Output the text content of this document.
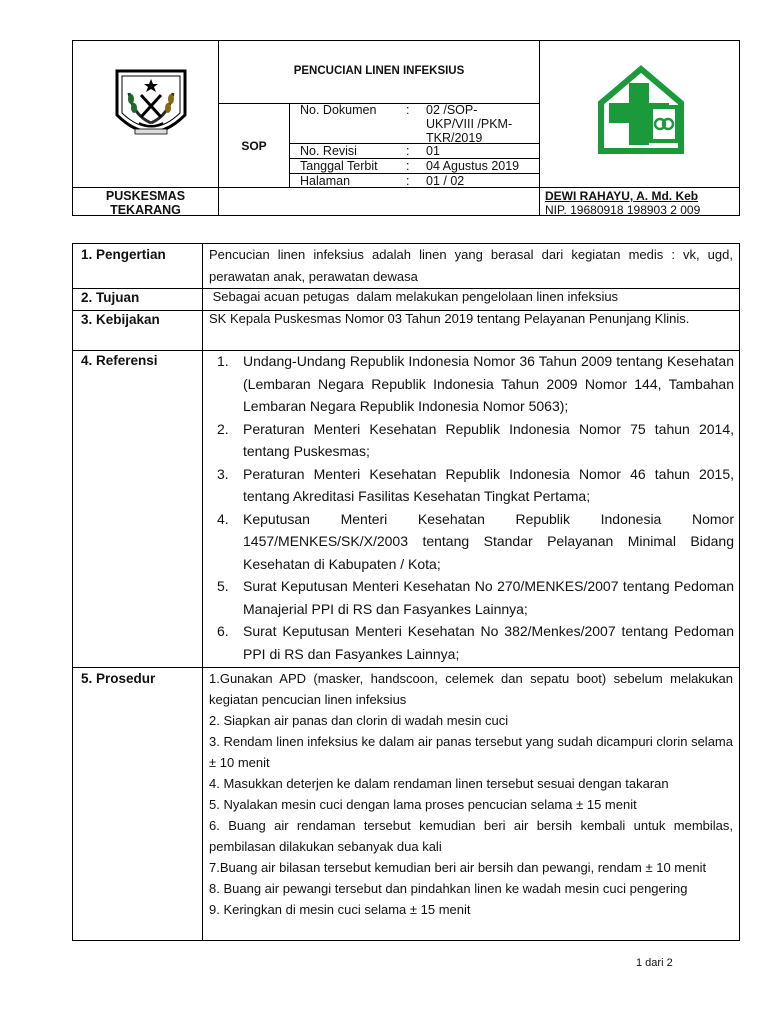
PENCUCIAN LINEN INFEKSIUS
SOP
No. Dokumen : 02 /SOP-
UKP/VIII /PKM-
TKR/2019
No. Revisi	: 01
Tanggal Terbit : 04 Agustus 2019
Halaman	: 01 / 02
PUSKESMAS
TEKARANG
DEWI RAHAYU, A. Md. Keb
NIP. 19680918 198903 2 009
1. Pengertian	Pencucian linen infeksius adalah linen yang berasal dari kegiatan medis : vk, ugd, perawatan anak, perawatan dewasa
2. Tujuan	Sebagai acuan petugas  dalam melakukan pengelolaan linen infeksius
3. Kebijakan	SK Kepala Puskesmas Nomor 03 Tahun 2019 tentang Pelayanan Penunjang Klinis.
4. Referensi	1. Undang-Undang Republik Indonesia Nomor 36 Tahun 2009 tentang Kesehatan (Lembaran Negara Republik Indonesia Tahun 2009 Nomor 144, Tambahan Lembaran Negara Republik Indonesia Nomor 5063);
2. Peraturan Menteri Kesehatan Republik Indonesia Nomor 75 tahun 2014, tentang Puskesmas;
3. Peraturan Menteri Kesehatan Republik Indonesia Nomor 46 tahun 2015, tentang Akreditasi Fasilitas Kesehatan Tingkat Pertama;
4. Keputusan Menteri Kesehatan Republik Indonesia Nomor 1457/MENKES/SK/X/2003 tentang Standar Pelayanan Minimal Bidang Kesehatan di Kabupaten / Kota;
5. Surat Keputusan Menteri Kesehatan No 270/MENKES/2007 tentang Pedoman Manajerial PPI di RS dan Fasyankes Lainnya;
6. Surat Keputusan Menteri Kesehatan No 382/Menkes/2007 tentang Pedoman PPI di RS dan Fasyankes Lainnya;
5. Prosedur	1.Gunakan APD (masker, handscoon, celemek dan sepatu boot) sebelum melakukan kegiatan pencucian linen infeksius
2. Siapkan air panas dan clorin di wadah mesin cuci
3. Rendam linen infeksius ke dalam air panas tersebut yang sudah dicampuri clorin selama ± 10 menit
4. Masukkan deterjen ke dalam rendaman linen tersebut sesuai dengan takaran
5. Nyalakan mesin cuci dengan lama proses pencucian selama ± 15 menit
6. Buang air rendaman tersebut kemudian beri air bersih kembali untuk membilas, pembilasan dilakukan sebanyak dua kali
7.Buang air bilasan tersebut kemudian beri air bersih dan pewangi, rendam ± 10 menit
8. Buang air pewangi tersebut dan pindahkan linen ke wadah mesin cuci pengering
9. Keringkan di mesin cuci selama ± 15 menit
1 dari 2
